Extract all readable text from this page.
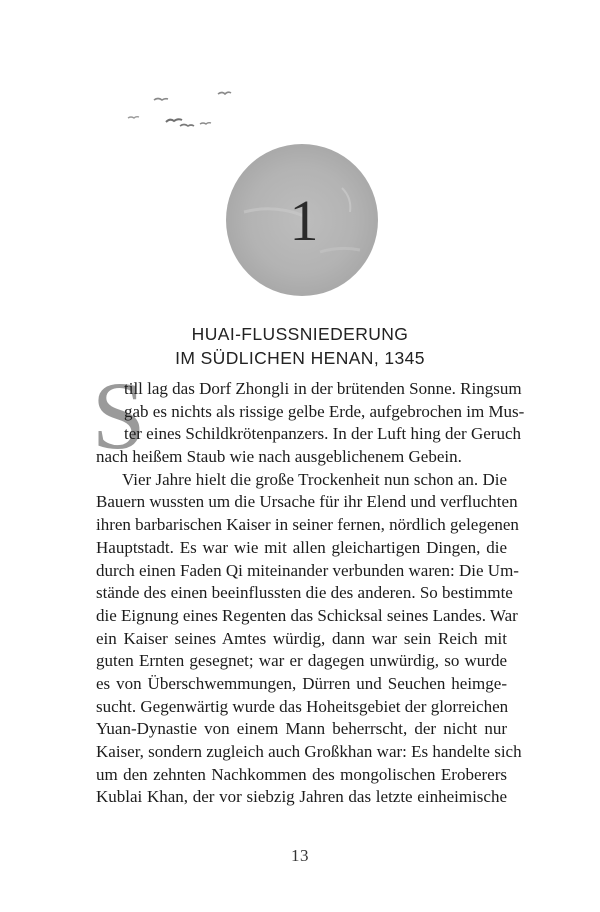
1
HUAI-FLUSSNIEDERUNG
IM SÜDLICHEN HENAN, 1345
S
till lag das Dorf Zhongli in der brütenden Sonne. Ringsum
gab es nichts als rissige gelbe Erde, aufgebrochen im Mus-
ter eines Schildkrötenpanzers. In der Luft hing der Geruch
nach heißem Staub wie nach ausgeblichenem Gebein.
Vier Jahre hielt die große Trockenheit nun schon an. Die
Bauern wussten um die Ursache für ihr Elend und verfluchten
ihren barbarischen Kaiser in seiner fernen, nördlich gelegenen
Hauptstadt. Es war wie mit allen gleichartigen Dingen, die
durch einen Faden Qi miteinander verbunden waren: Die Um-
stände des einen beeinflussten die des anderen. So bestimmte
die Eignung eines Regenten das Schicksal seines Landes. War
ein Kaiser seines Amtes würdig, dann war sein Reich mit
guten Ernten gesegnet; war er dagegen unwürdig, so wurde
es von Überschwemmungen, Dürren und Seuchen heimge-
sucht. Gegenwärtig wurde das Hoheitsgebiet der glorreichen
Yuan-Dynastie von einem Mann beherrscht, der nicht nur
Kaiser, sondern zugleich auch Großkhan war: Es handelte sich
um den zehnten Nachkommen des mongolischen Eroberers
Kublai Khan, der vor siebzig Jahren das letzte einheimische
13
